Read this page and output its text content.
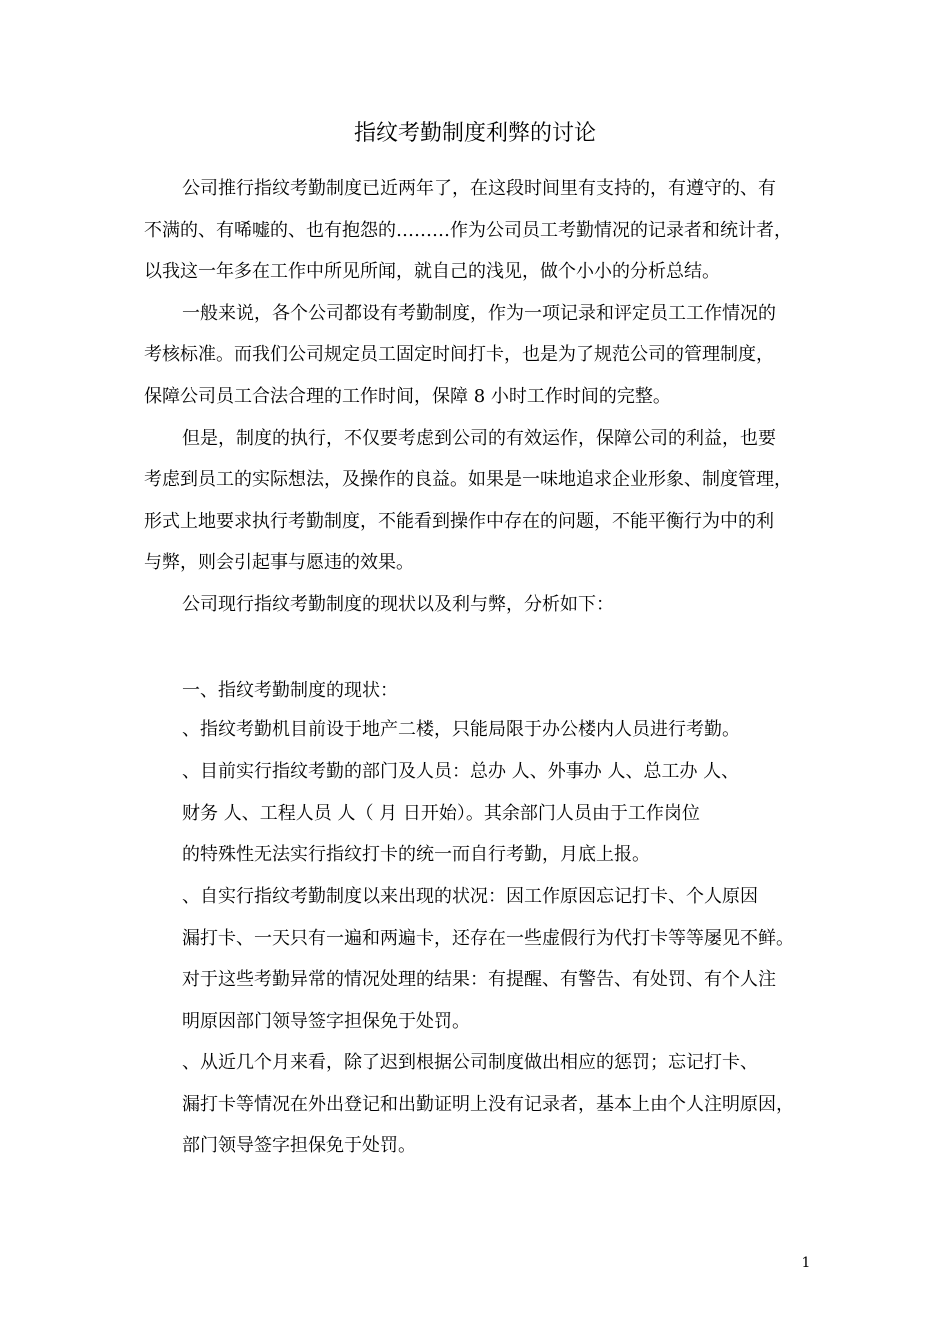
指纹考勤制度利弊的讨论
公司推行指纹考勤制度已近两年了，在这段时间里有支持的，有遵守的、有
不满的、有唏嘘的、也有抱怨的………作为公司员工考勤情况的记录者和统计者，
以我这一年多在工作中所见所闻，就自己的浅见，做个小小的分析总结。
一般来说，各个公司都设有考勤制度，作为一项记录和评定员工工作情况的
考核标准。而我们公司规定员工固定时间打卡，也是为了规范公司的管理制度，
保障公司员工合法合理的工作时间，保障 8 小时工作时间的完整。
但是，制度的执行，不仅要考虑到公司的有效运作，保障公司的利益，也要
考虑到员工的实际想法，及操作的良益。如果是一味地追求企业形象、制度管理，
形式上地要求执行考勤制度，不能看到操作中存在的问题，不能平衡行为中的利
与弊，则会引起事与愿违的效果。
公司现行指纹考勤制度的现状以及利与弊，分析如下：
一、指纹考勤制度的现状：
、指纹考勤机目前设于地产二楼，只能局限于办公楼内人员进行考勤。
、目前实行指纹考勤的部门及人员：总办 人、外事办 人、总工办 人、
财务 人、工程人员 人（ 月 日开始）。其余部门人员由于工作岗位
的特殊性无法实行指纹打卡的统一而自行考勤，月底上报。
、自实行指纹考勤制度以来出现的状况：因工作原因忘记打卡、个人原因
漏打卡、一天只有一遍和两遍卡，还存在一些虚假行为代打卡等等屡见不鲜。
对于这些考勤异常的情况处理的结果：有提醒、有警告、有处罚、有个人注
明原因部门领导签字担保免于处罚。
、从近几个月来看，除了迟到根据公司制度做出相应的惩罚；忘记打卡、
漏打卡等情况在外出登记和出勤证明上没有记录者，基本上由个人注明原因，
部门领导签字担保免于处罚。
1
